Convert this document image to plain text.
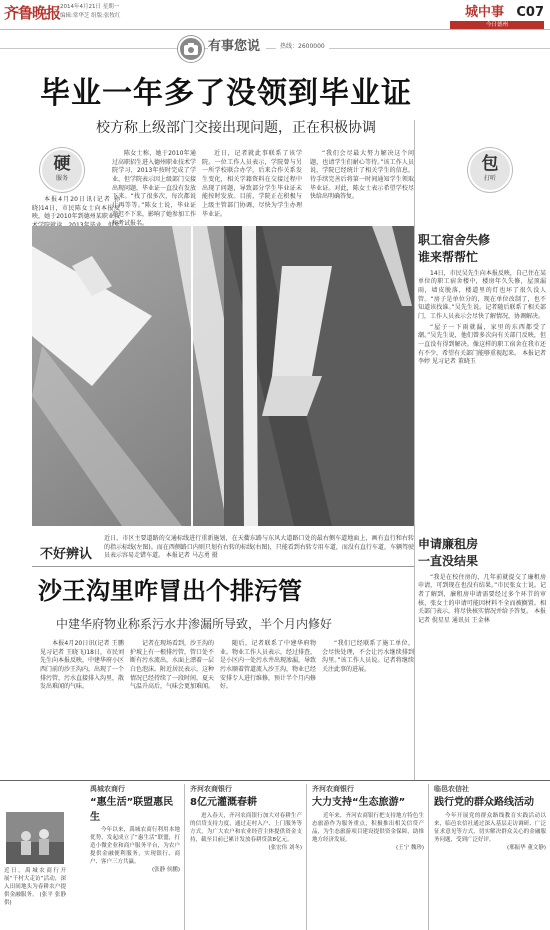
齐鲁晚报 2014年4月21日 星期一
编辑:常华芝 组版:张牧红	城中事 C07
今日德州
有事您说	热线：2600000
毕业一年多了没领到毕业证
校方称上级部门交接出现问题，正在积极协调
硬
服务

本报4月20日讯(记者 孙晓)14日，市民陈女士向本报反映，她于2010年到德州某职业技

陈女士称，她于2010年通过高职招生进入德州职业技术学院学习，2013年按时完成了学业，但学院表示因上级部门交接出现问题，毕业证一直没有发放下来。“找了很多次，每次都说让再等等。”陈女士说，毕业证迟迟不下来，影响了她参加工作和考试报名。

近日，记者就此事联系了该学院。一位工作人员表示，学院曾与另一所学校联合办学，后来合作关系发生变化，相关学籍资料在交接过程中出现了问题，导致部分学生毕业证未能按时发放。目前，学院正在积极与上级主管部门协调，尽快为学生办理毕业证。

“我们会尽最大努力解决这个问题，也请学生们耐心等待。”该工作人员说，学院已经统计了相关学生的信息，待手续完善后将第一时间通知学生领取毕业证。对此，陈女士表示希望学校尽快给出明确答复。

不好辨认
近日，市区主要道路的交通标线进行重新施划，在天衢东路与东风大道路口处的最右侧车道地面上，画有直行和右转的指示标线(左图)。而在西侧路口内则只划有右转的标线(右图)，只能看到右转专用车道，而没有直行车道，车辆驾驶员表示容易走错车道。 本报记者 马志勇 摄
沙王沟里咋冒出个排污管
中建华府物业称系污水井渗漏所导致，半个月内修好

本报4月20日讯(记者 王鹏 见习记者 王晓飞)18日，市民刘先生向本报反映，中建华府小区西门前的沙王沟内，出现了一个排污管，污水直接排入沟里，散发出难闻的气味。

记者在现场看到，沙王沟的护坡上有一根排污管，管口处不断有污水流出，水面上漂着一层白色泡沫。附近居民表示，这种情况已经持续了一段时间，夏天气温升高后，气味会更加难闻。

随后，记者联系了中建华府物业。物业工作人员表示，经过排查，是小区内一处污水井出现渗漏，导致污水顺着管道流入沙王沟，物业已经安排专人进行维修，预计半个月内修好。

“我们已经联系了施工单位，会尽快处理，不会让污水继续排到沟里。”该工作人员说。记者将继续关注此事的进展。

包
打听
职工宿舍失修
谁来帮帮忙

14日，市民吴先生向本报反映，自己住在某单位的职工宿舍楼中，楼房年久失修，屋顶漏雨，墙皮脱落，楼道里的灯也坏了很久没人管。“房子是单位分的，现在单位改制了，也不知道该找谁。”吴先生说。记者随后联系了相关部门，工作人员表示会尽快了解情况，协调解决。

“屋子一下雨就漏，家里的东西都受了潮。”吴先生说，他们曾多次向有关部门反映，但一直没有得到解决。像这样的职工宿舍在我市还有不少，希望有关部门能够重视起来。 本报记者 李婷 见习记者 董晓玉

申请廉租房
一直没结果

“我是在校住房的，几年前就提交了廉租房申请，可到现在也没有结果。”市民张女士说。记者了解到，廉租房申请需要经过多个环节的审核，张女士的申请可能因材料不全而被搁置。相关部门表示，将尽快核实情况并给予答复。 本报记者 倪星星 通讯员 王金林

近日，禹城农商行开展“千村大走访”活动，深入田间地头为春耕农户提供金融服务。 (张平 张静供)
禹城农商行
“惠生活”联盟惠民生
今年以来，禹城农商行利用本地优势，发起成立了“惠生活”联盟，打造小微企业和商户服务平台，为农户提供金融便利服务，实现银行、商户、客户三方共赢。
(张静 侯鹏)
齐河农商银行
8亿元灌溉春耕
进入春天，齐河农商银行加大对春耕生产的信贷支持力度，通过走村入户、上门服务等方式，为广大农户和农业经营主体提供资金支持，截至目前已累计发放春耕贷款8亿元。
(张宏伟 刘冬)
齐河农商银行
大力支持“生态旅游”
近年来，齐河农商银行把支持地方特色生态旅游作为服务重点，积极推出相关信贷产品，为生态旅游项目建设提供资金保障，助推地方经济发展。
(王宁 魏珍)
临邑农信社
践行党的群众路线活动
今年开展党的群众路线教育实践活动以来，临邑农信社通过深入基层走访调研、广泛征求意见等方式，切实解决群众关心的金融服务问题，受到广泛好评。
(邢振华 董文静)
